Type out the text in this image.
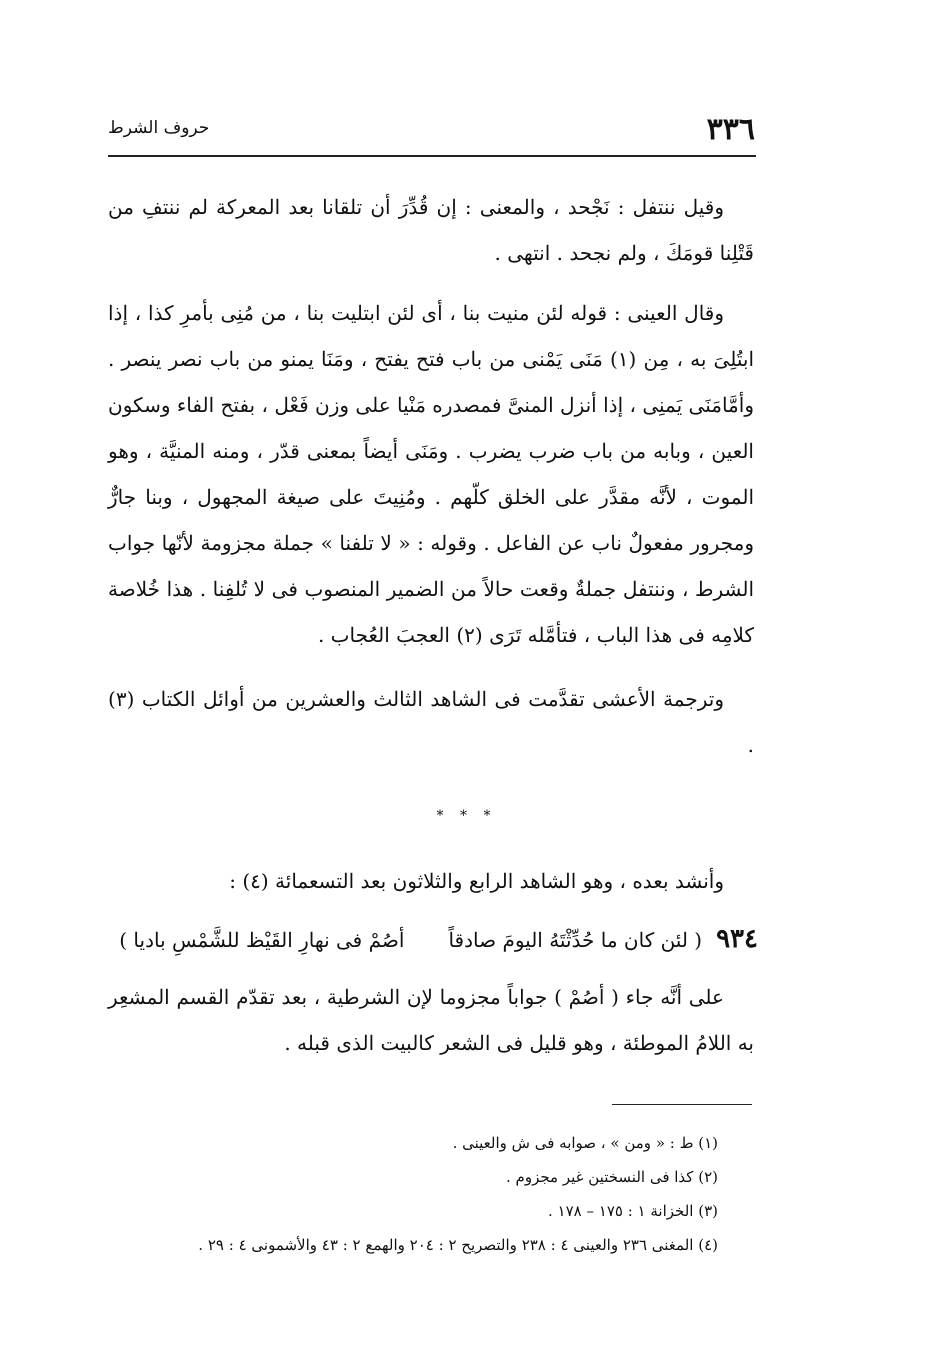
٣٣٦
حروف الشرط

وقيل ننتفل : نَجْحد ، والمعنى : إن قُدِّرَ أن تلقانا بعد المعركة لم ننتفِ من قَتْلِنا قومَكَ ، ولم نجحد . انتهى .

وقال العينى : قوله لئن منيت بنا ، أى لئن ابتليت بنا ، من مُنِى بأمرِ كذا ، إذا ابتُلِىَ به ، مِن (١) مَنَى يَمْنى من باب فتح يفتح ، ومَنَا يمنو من باب نصر ينصر . وأمَّامَنَى يَمنِى ، إذا أنزل المنىَّ فمصدره مَنْيا على وزن فَعْل ، بفتح الفاء وسكون العين ، وبابه من باب ضرب يضرب . ومَنَى أيضاً بمعنى قدّر ، ومنه المنيَّة ، وهو الموت ، لأنَّه مقدَّر على الخلق كلّهم . ومُنِيتَ على صيغة المجهول ، وبنا جارٌّ ومجرور مفعولٌ ناب عن الفاعل . وقوله : « لا تلفنا » جملة مجزومة لأنّها جواب الشرط ، وننتفل جملةٌ وقعت حالاً من الضمير المنصوب فى لا تُلفِنا . هذا خُلاصة كلامِه فى هذا الباب ، فتأمَّله تَرَى (٢) العجبَ العُجاب .

وترجمة الأعشى تقدَّمت فى الشاهد الثالث والعشرين من أوائل الكتاب (٣) .

* * *

وأنشد بعده ، وهو الشاهد الرابع والثلاثون بعد التسعمائة (٤) :

٩٣٤
( لئن كان ما حُدِّثْتَهُ اليومَ صادقاً
أصُمْ فى نهارِ القَيْظ للشَّمْسِ باديا )

على أنَّه جاء ( أصُمْ ) جواباً مجزوما لإن الشرطية ، بعد تقدّم القسم المشعِر به اللامُ الموطئة ، وهو قليل فى الشعر كالبيت الذى قبله .

(١) ط : « ومن » ، صوابه فى ش والعينى .
(٢) كذا فى النسختين غير مجزوم .
(٣) الخزانة ١ : ١٧٥ – ١٧٨ .
(٤) المغنى ٢٣٦ والعينى ٤ : ٢٣٨ والتصريح ٢ : ٢٠٤ والهمع ٢ : ٤٣ والأشمونى ٤ : ٢٩ .
